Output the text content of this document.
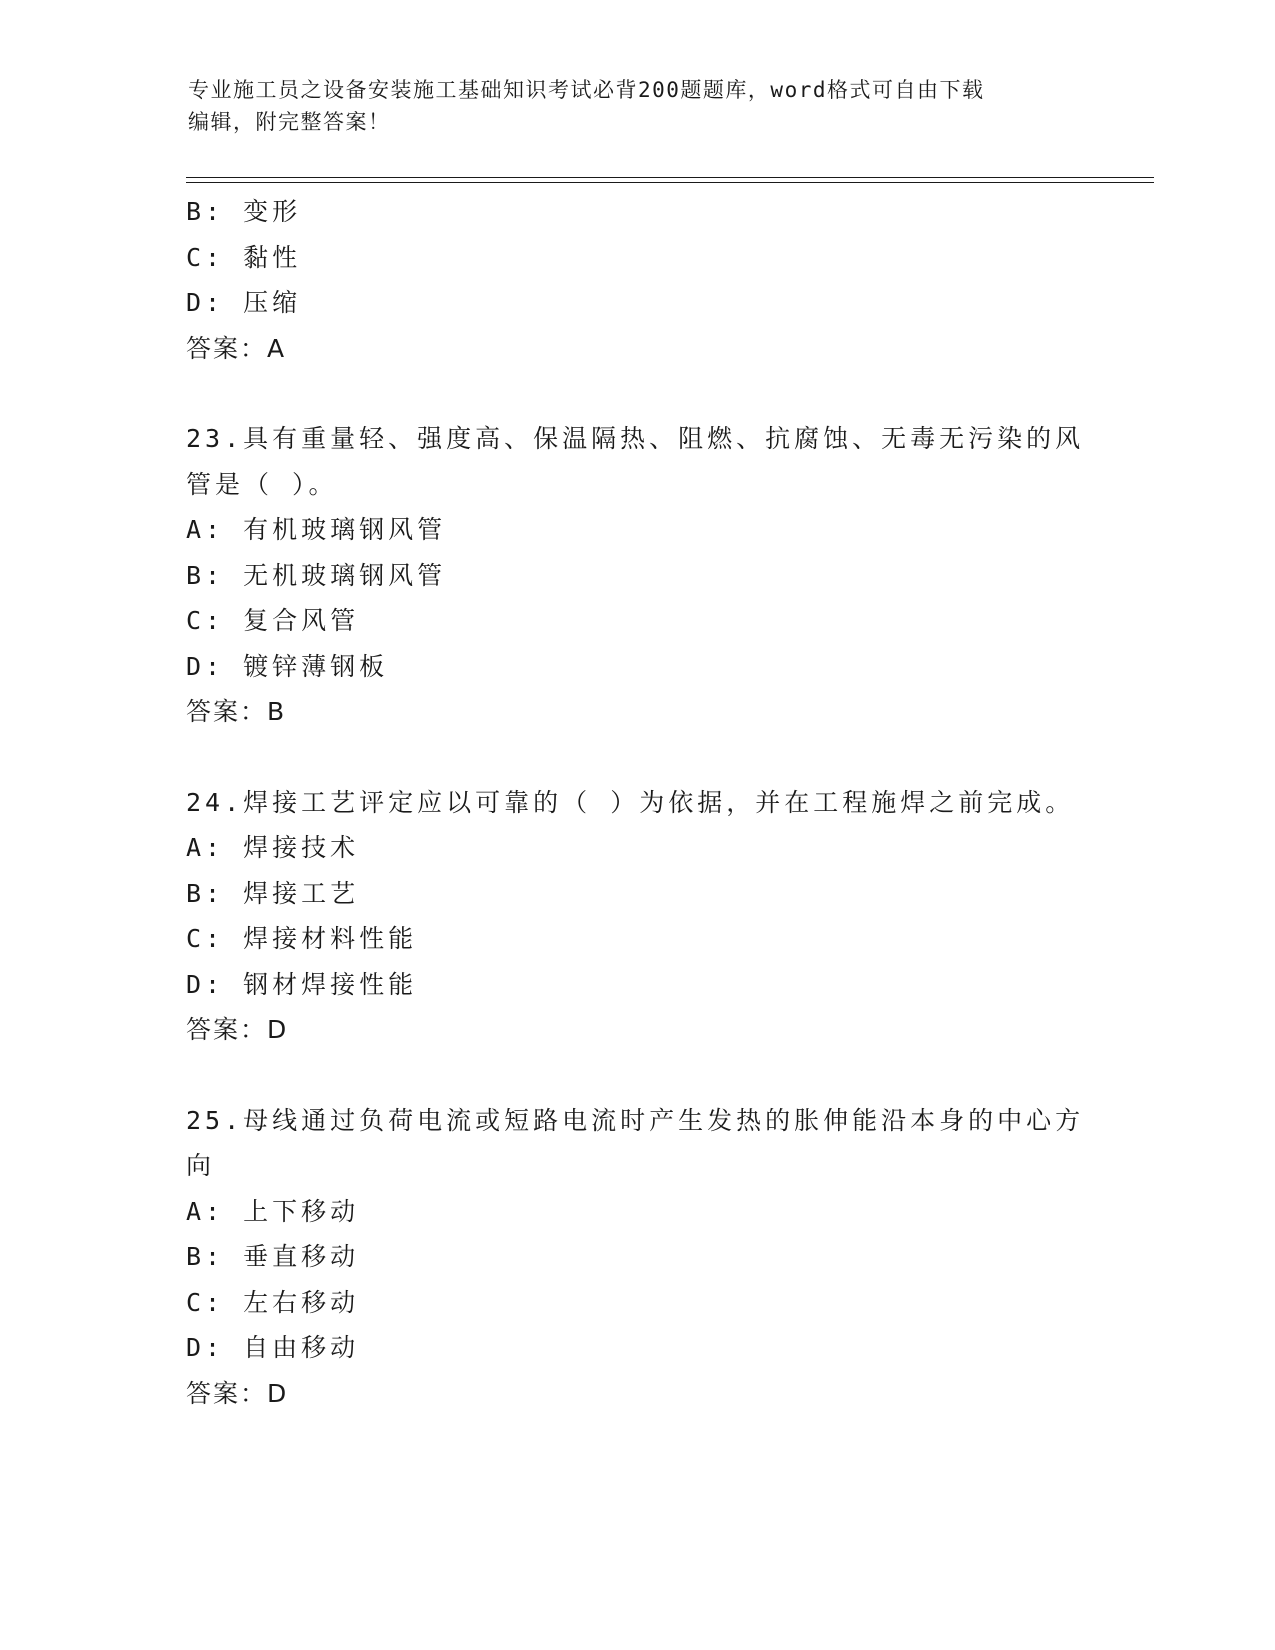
专业施工员之设备安装施工基础知识考试必背200题题库，word格式可自由下载
编辑，附完整答案！
B: 变形
C: 黏性
D: 压缩
答案：A
23.具有重量轻、强度高、保温隔热、阻燃、抗腐蚀、无毒无污染的风
管是（ ）。
A: 有机玻璃钢风管
B: 无机玻璃钢风管
C: 复合风管
D: 镀锌薄钢板
答案：B
24.焊接工艺评定应以可靠的（ ）为依据，并在工程施焊之前完成。
A: 焊接技术
B: 焊接工艺
C: 焊接材料性能
D: 钢材焊接性能
答案：D
25.母线通过负荷电流或短路电流时产生发热的胀伸能沿本身的中心方
向
A: 上下移动
B: 垂直移动
C: 左右移动
D: 自由移动
答案：D
